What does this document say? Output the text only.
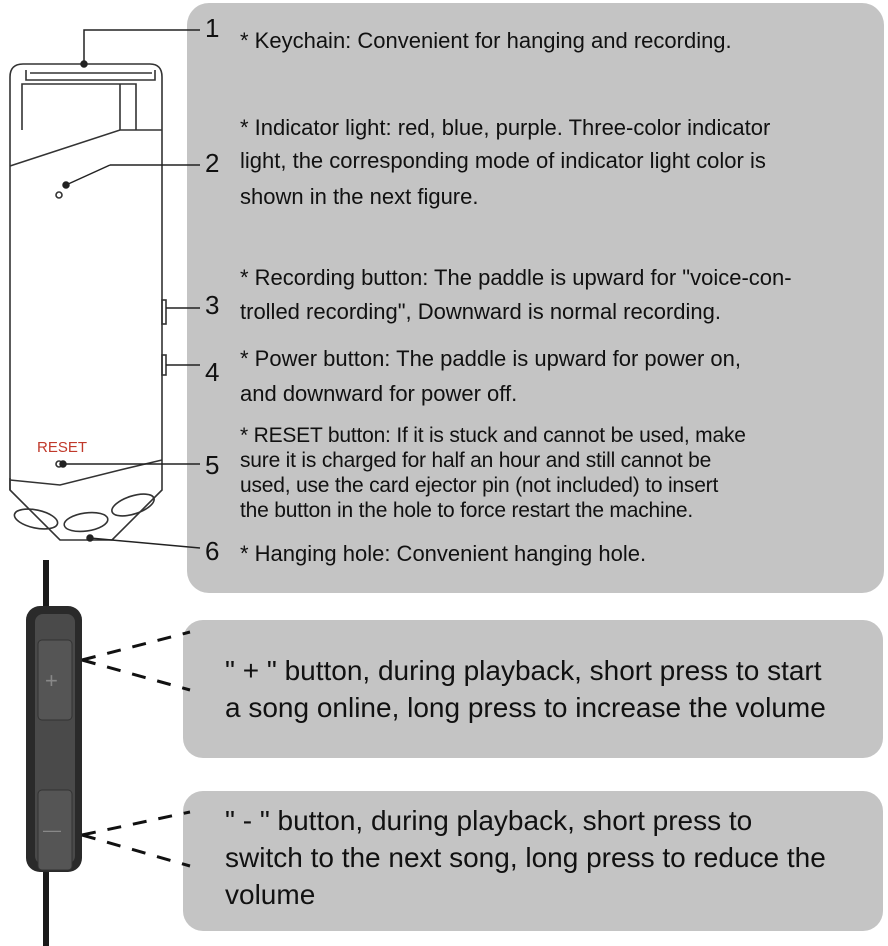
RESET
+
—
1
2
3
4
5
6
* Keychain: Convenient for hanging and recording.
* Indicator light: red, blue, purple. Three-color indicator
light, the corresponding mode of indicator light color is
shown in the next figure.
* Recording button: The paddle is upward for "voice-con-
trolled recording", Downward is normal recording.
* Power button: The paddle is upward for power on,
and downward for power off.
* RESET button: If it is stuck and cannot be used, make
sure it is charged for half an hour and still cannot be
used, use the card ejector pin (not included) to insert
the button in the hole to force restart the machine.
* Hanging hole: Convenient hanging hole.
" + " button, during playback, short press to start
a song online, long press to increase the volume
" - " button, during playback, short press to
switch to the next song, long press to reduce the
volume
